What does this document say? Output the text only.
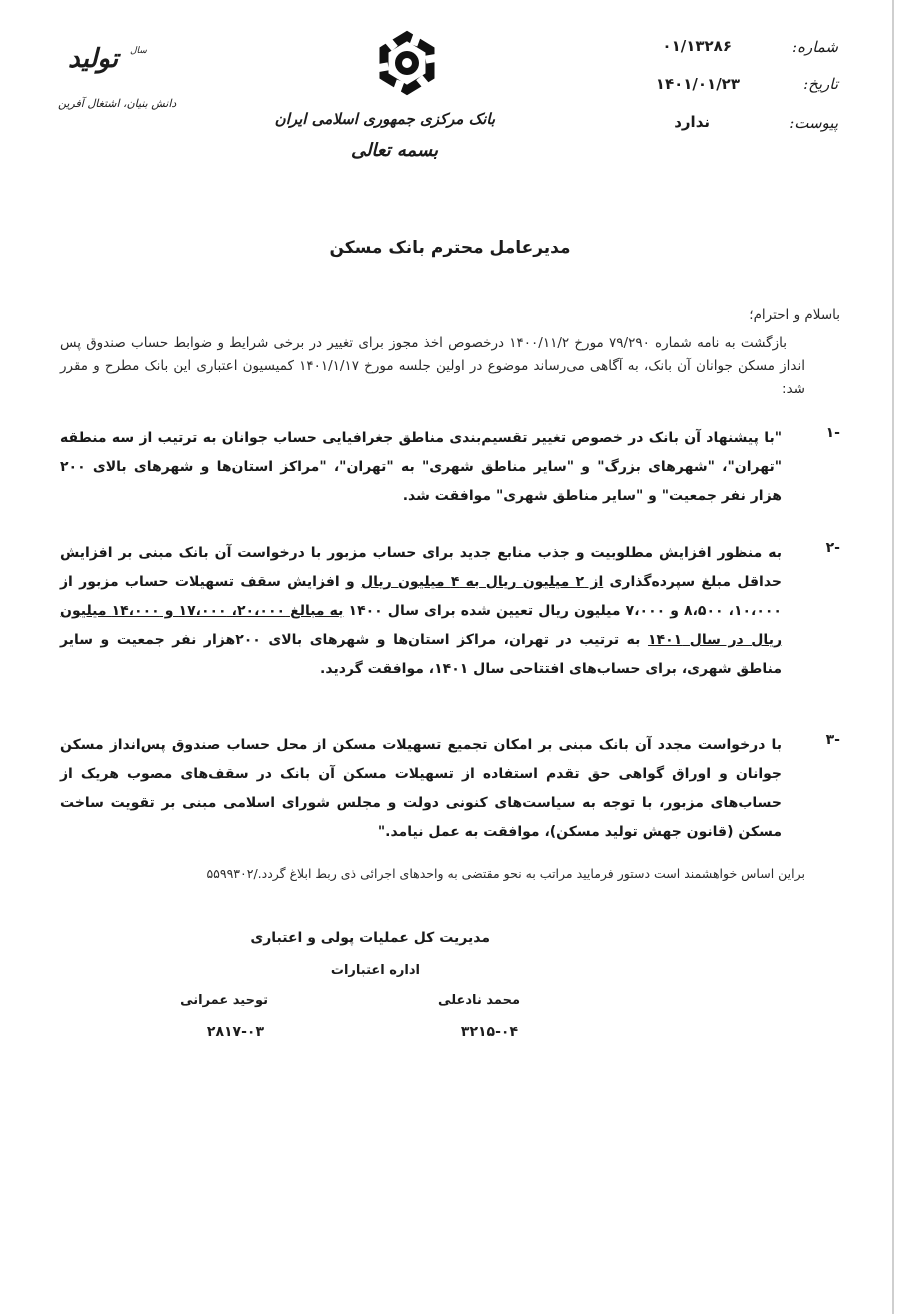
شماره:
۰۱/۱۳۲۸۶
تاریخ:
۱۴۰۱/۰۱/۲۳
پیوست:
ندارد
بانک مرکزی جمهوری اسلامی ایران
بسمه تعالی
تولید سال
دانش بنیان، اشتغال آفرین
مدیرعامل محترم بانک مسکن
باسلام و احترام؛
بازگشت به نامه شماره ۷۹/۲۹۰ مورخ ۱۴۰۰/۱۱/۲ درخصوص اخذ مجوز برای تغییر در برخی شرایط و ضوابط حساب صندوق پس انداز مسکن جوانان آن بانک، به آگاهی می‌رساند موضوع در اولین جلسه مورخ ۱۴۰۱/۱/۱۷ کمیسیون اعتباری این بانک مطرح و مقرر شد:
۱-
"با پیشنهاد آن بانک در خصوص تغییر تقسیم‌بندی مناطق جغرافیایی حساب جوانان به ترتیب از سه منطقه "تهران"، "شهرهای بزرگ" و "سایر مناطق شهری" به "تهران"، "مراکز استان‌ها و شهرهای بالای ۲۰۰ هزار نفر جمعیت" و "سایر مناطق شهری" موافقت شد.
۲-
به منظور افزایش مطلوبیت و جذب منابع جدید برای حساب مزبور با درخواست آن بانک مبنی بر افزایش حداقل مبلغ سپرده‌گذاری از ۲ میلیون ریال به ۴ میلیون ریال و افزایش سقف تسهیلات حساب مزبور از ۱۰،۰۰۰، ۸،۵۰۰ و ۷،۰۰۰ میلیون ریال تعیین شده برای سال ۱۴۰۰ به مبالغ ۲۰،۰۰۰، ۱۷،۰۰۰ و ۱۴،۰۰۰ میلیون ریال در سال ۱۴۰۱ به ترتیب در تهران، مراکز استان‌ها و شهرهای بالای ۲۰۰هزار نفر جمعیت و سایر مناطق شهری، برای حساب‌های افتتاحی سال ۱۴۰۱، موافقت گردید.
۳-
با درخواست مجدد آن بانک مبنی بر امکان تجمیع تسهیلات مسکن از محل حساب صندوق پس‌انداز مسکن جوانان و اوراق گواهی حق تقدم استفاده از تسهیلات مسکن آن بانک در سقف‌های مصوب هریک از حساب‌های مزبور، با توجه به سیاست‌های کنونی دولت و مجلس شورای اسلامی مبنی بر تقویت ساخت مسکن (قانون جهش تولید مسکن)، موافقت به عمل نیامد."
براین اساس خواهشمند است دستور فرمایید مراتب به نحو مقتضی به واحدهای اجرائی ذی ربط ابلاغ گردد./۵۵۹۹۳۰۲
مدیریت کل عملیات پولی و اعتباری
اداره اعتبارات
محمد نادعلی
۳۲۱۵-۰۴
توحید عمرانی
۲۸۱۷-۰۳
